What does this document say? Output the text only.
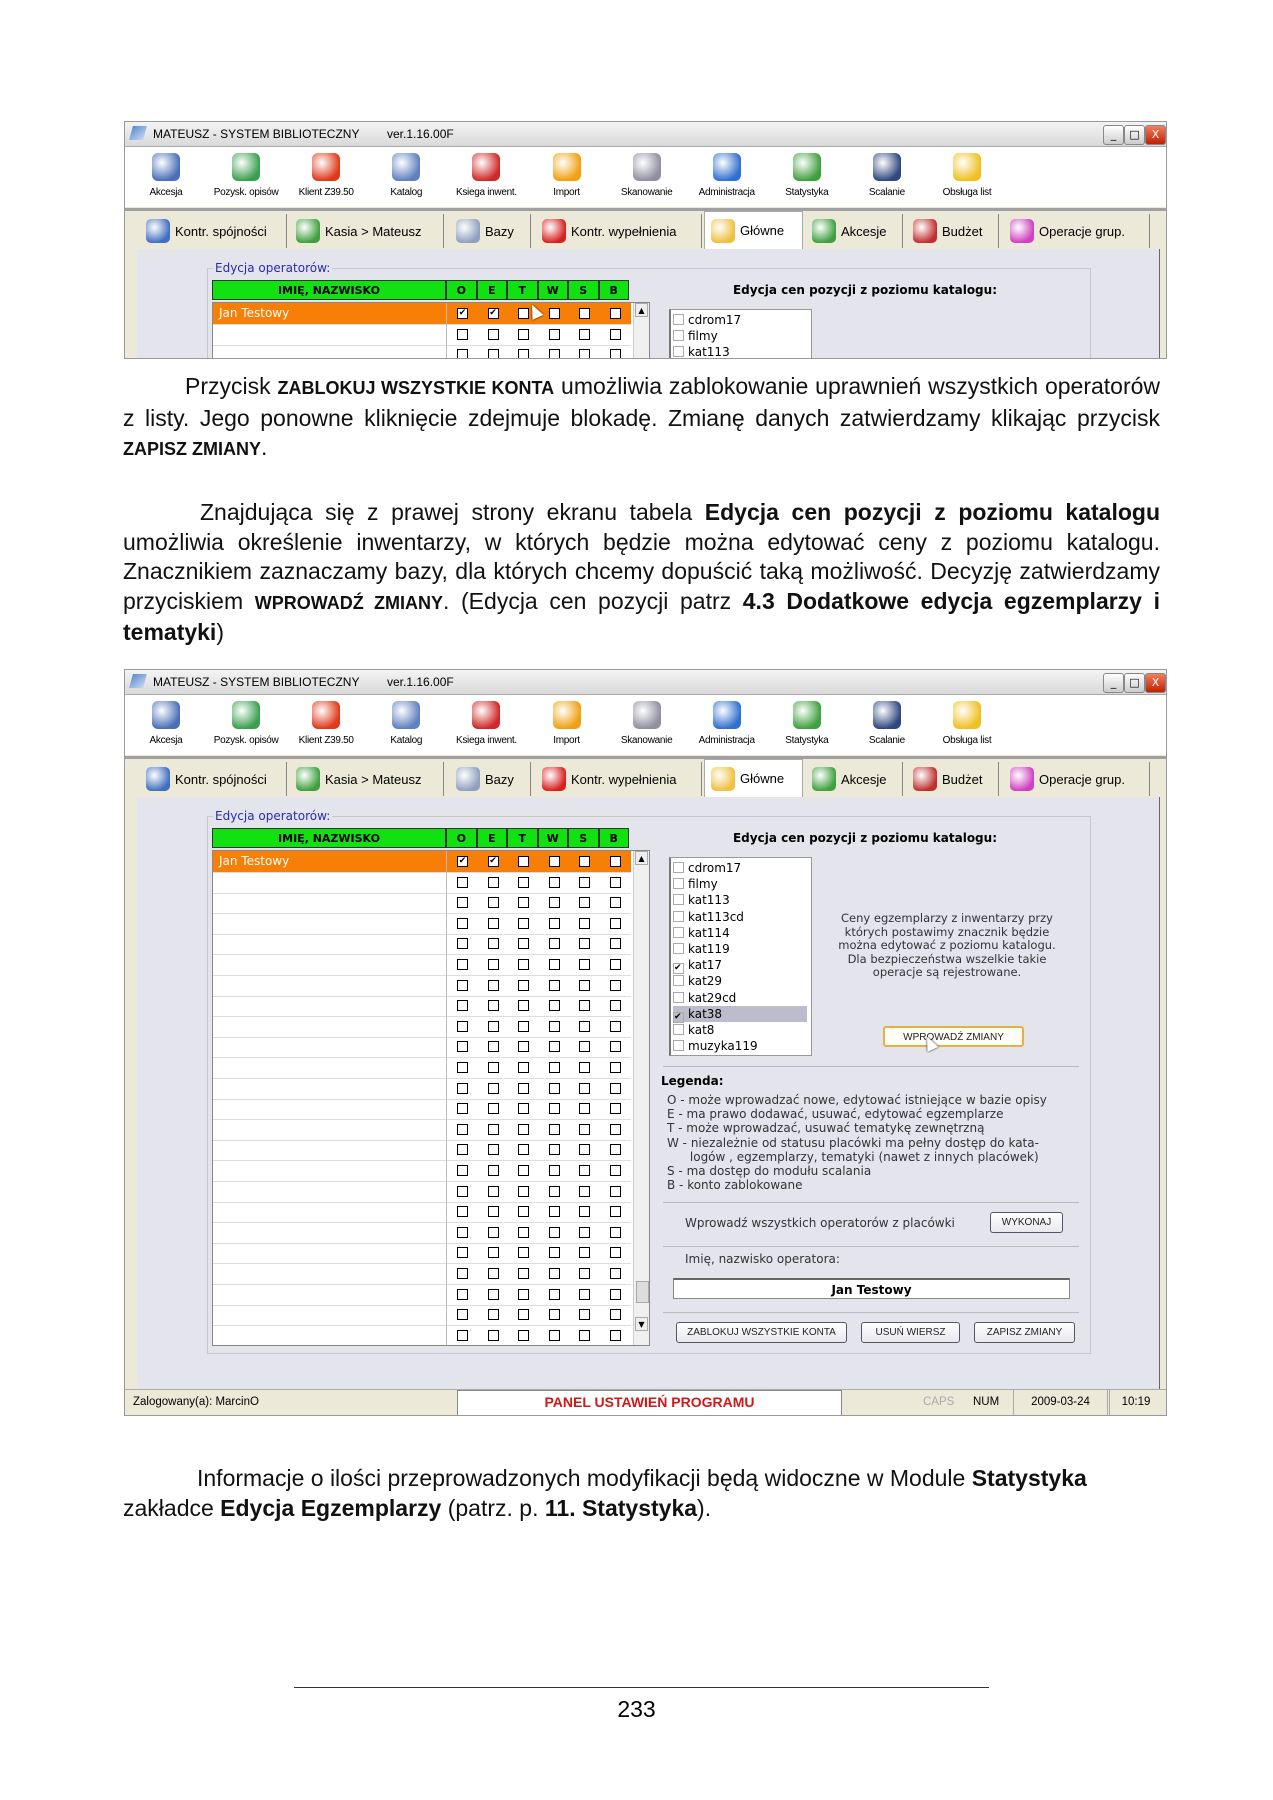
MATEUSZ - SYSTEM BIBLIOTECZNY ver.1.16.00F	_	□	X
Akcesja	Pozysk. opisów	Klient Z39.50	Katalog	Ksiega inwent.	Import	Skanowanie	Administracja	Statystyka	Scalanie	Obsługa list
Kontr. spójności	Kasia > Mateusz	Bazy	Kontr. wypełnienia	Główne	Akcesje	Budżet	Operacje grup.
Edycja operatorów:
IMIĘ, NAZWISKO	O	E	T	W	S	B
Jan Testowy	✔	✔	▲
Edycja cen pozycji z poziomu katalogu:
cdrom17
filmy
kat113

Przycisk ZABLOKUJ WSZYSTKIE KONTA umożliwia zablokowanie uprawnień wszystkich operatorów z listy. Jego ponowne kliknięcie zdejmuje blokadę. Zmianę danych zatwierdzamy klikając przycisk ZAPISZ ZMIANY.

Znajdująca się z prawej strony ekranu tabela Edycja cen pozycji z poziomu katalogu umożliwia określenie inwentarzy, w których będzie można edytować ceny z poziomu katalogu. Znacznikiem zaznaczamy bazy, dla których chcemy dopuścić taką możliwość. Decyzję zatwierdzamy przyciskiem WPROWADŹ ZMIANY. (Edycja cen pozycji patrz 4.3 Dodatkowe edycja egzemplarzy i tematyki)

MATEUSZ - SYSTEM BIBLIOTECZNY ver.1.16.00F	_	□	X
Akcesja	Pozysk. opisów	Klient Z39.50	Katalog	Ksiega inwent.	Import	Skanowanie	Administracja	Statystyka	Scalanie	Obsługa list
Kontr. spójności	Kasia > Mateusz	Bazy	Kontr. wypełnienia	Główne	Akcesje	Budżet	Operacje grup.
Edycja operatorów:
IMIĘ, NAZWISKO	O	E	T	W	S	B
Jan Testowy	✔	✔	▲
▼
Edycja cen pozycji z poziomu katalogu:
cdrom17
filmy
kat113
kat113cd
kat114
kat119
✔ kat17
kat29
kat29cd
✔ kat38
kat8
muzyka119
Ceny egzemplarzy z inwentarzy przy których postawimy znacznik będzie można edytować z poziomu katalogu. Dla bezpieczeństwa wszelkie takie operacje są rejestrowane.
WPROWADŹ ZMIANY
Legenda:
O - może wprowadzać nowe, edytować istniejące w bazie opisy
E - ma prawo dodawać, usuwać, edytować egzemplarze
T - może wprowadzać, usuwać tematykę zewnętrzną
W - niezależnie od statusu placówki ma pełny dostęp do kata-
logów , egzemplarzy, tematyki (nawet z innych placówek)
S - ma dostęp do modułu scalania
B - konto zablokowane
Wprowadź wszystkich operatorów z placówki	WYKONAJ
Imię, nazwisko operatora:
Jan Testowy
ZABLOKUJ WSZYSTKIE KONTA	USUŃ WIERSZ	ZAPISZ ZMIANY
Zalogowany(a): MarcinO	PANEL USTAWIEŃ PROGRAMU	CAPS NUM	2009-03-24	10:19

Informacje o ilości przeprowadzonych modyfikacji będą widoczne w Module Statystyka zakładce Edycja Egzemplarzy (patrz. p. 11. Statystyka).

233
